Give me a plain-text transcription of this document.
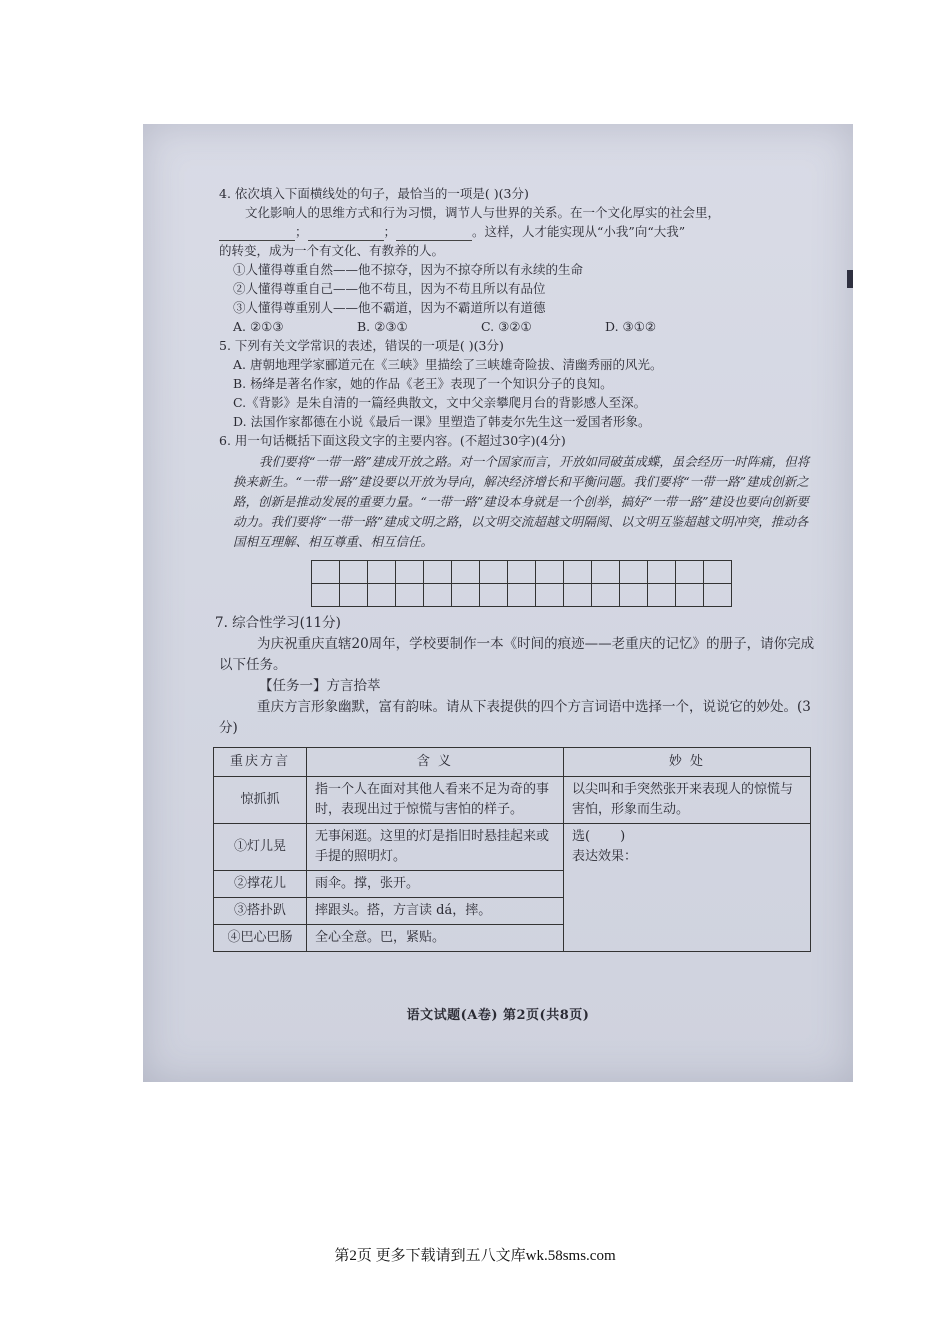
4. 依次填入下面横线处的句子，最恰当的一项是( )(3分)

文化影响人的思维方式和行为习惯，调节人与世界的关系。在一个文化厚实的社会里，

；	；	。这样，人才能实现从“小我”向“大我”

的转变，成为一个有文化、有教养的人。

①人懂得尊重自然——他不掠夺，因为不掠夺所以有永续的生命

②人懂得尊重自己——他不苟且，因为不苟且所以有品位

③人懂得尊重别人——他不霸道，因为不霸道所以有道德

A. ②①③	B. ②③①	C. ③②①	D. ③①②

5. 下列有关文学常识的表述，错误的一项是( )(3分)

A. 唐朝地理学家郦道元在《三峡》里描绘了三峡雄奇险拔、清幽秀丽的风光。

B. 杨绛是著名作家，她的作品《老王》表现了一个知识分子的良知。

C.《背影》是朱自清的一篇经典散文，文中父亲攀爬月台的背影感人至深。

D. 法国作家都德在小说《最后一课》里塑造了韩麦尔先生这一爱国者形象。

6. 用一句话概括下面这段文字的主要内容。(不超过30字)(4分)

我们要将“一带一路”建成开放之路。对一个国家而言，开放如同破茧成蝶，虽会经历一时阵痛，但将换来新生。“一带一路”建设要以开放为导向，解决经济增长和平衡问题。我们要将“一带一路”建成创新之路，创新是推动发展的重要力量。“一带一路”建设本身就是一个创举，搞好“一带一路”建设也要向创新要动力。我们要将“一带一路”建成文明之路，以文明交流超越文明隔阂、以文明互鉴超越文明冲突，推动各国相互理解、相互尊重、相互信任。

7. 综合性学习(11分)

为庆祝重庆直辖20周年，学校要制作一本《时间的痕迹——老重庆的记忆》的册子，请你完成以下任务。

【任务一】方言拾萃

重庆方言形象幽默，富有韵味。请从下表提供的四个方言词语中选择一个，说说它的妙处。(3分)

重庆方言	含 义	妙 处
惊抓抓	指一个人在面对其他人看来不足为奇的事时，表现出过于惊慌与害怕的样子。	以尖叫和手突然张开来表现人的惊慌与害怕，形象而生动。
①灯儿晃	无事闲逛。这里的灯是指旧时悬挂起来或手提的照明灯。	选( )
表达效果：

②撑花儿	雨伞。撑，张开。	
③搭扑趴	摔跟头。搭，方言读 dá，摔。	
④巴心巴肠	全心全意。巴，紧贴。	
语文试题(A卷) 第2页(共8页)
第2页 更多下载请到五八文库wk.58sms.com
